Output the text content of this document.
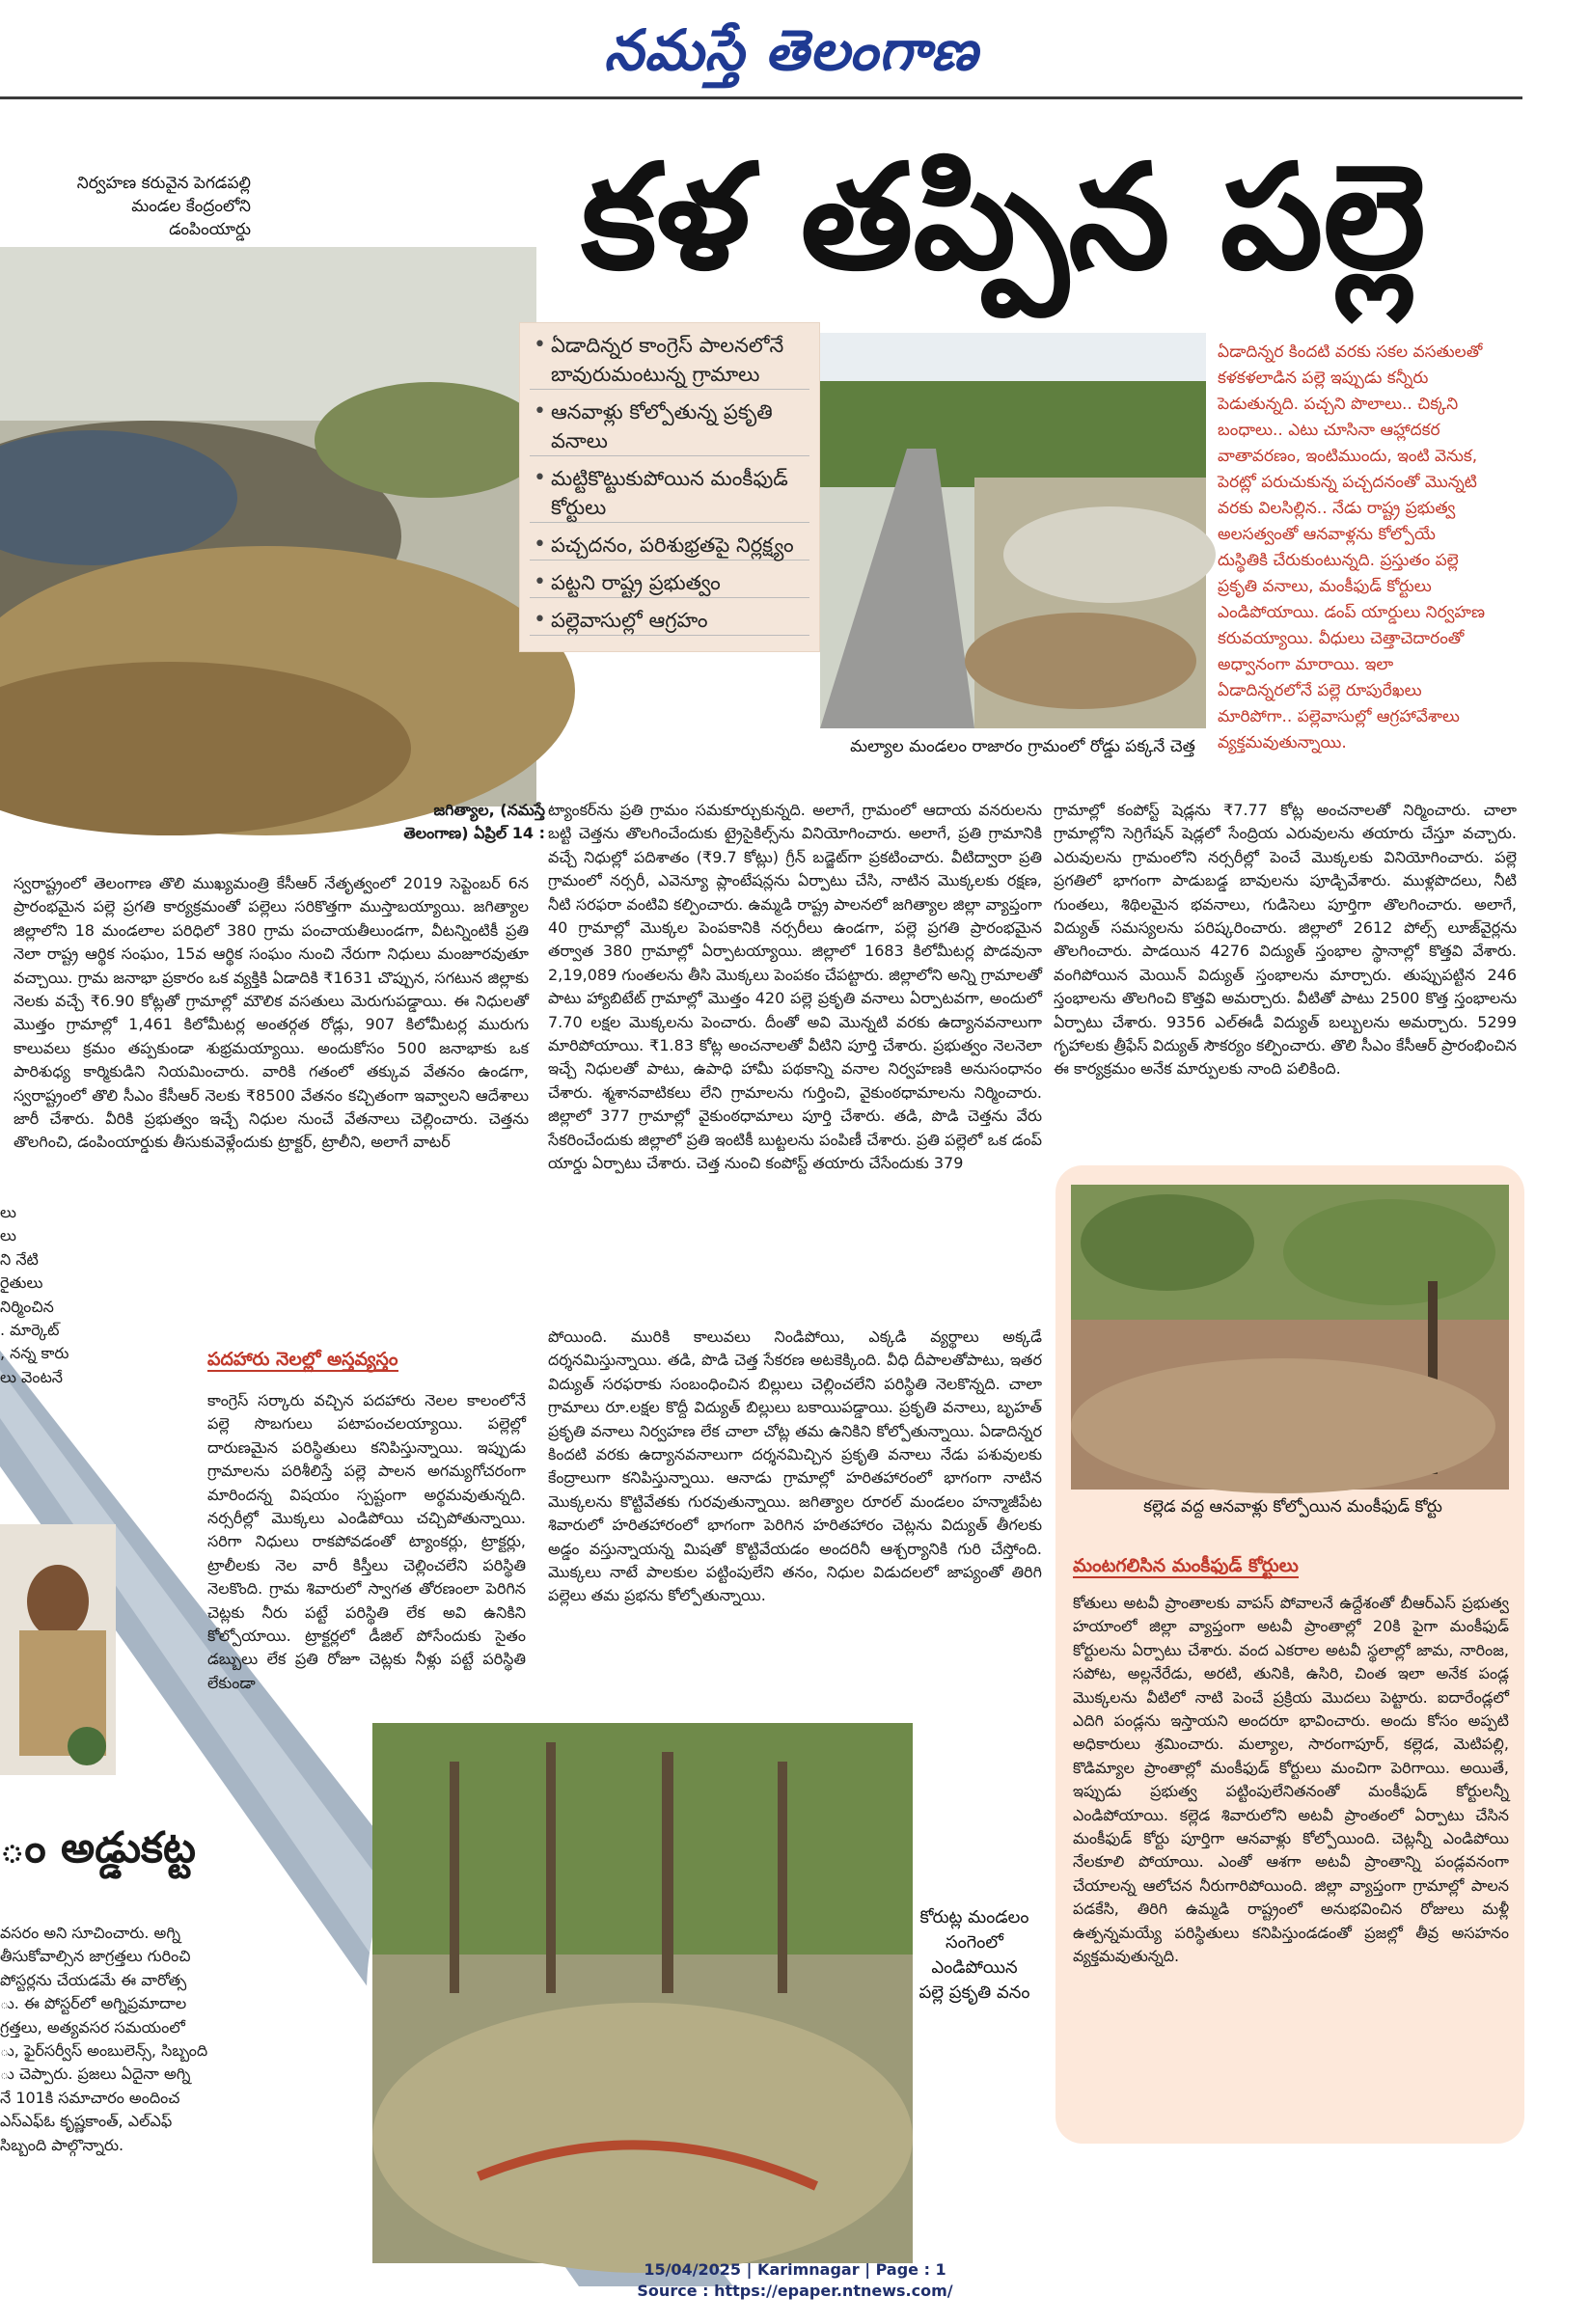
నమస్తే తెలంగాణ
కళ తప్పిన పల్లె
నిర్వహణ కరువైన పెగడపల్లి మండల కేంద్రంలోని డంపింయార్డు
• ఏడాదిన్నర కాంగ్రెస్ పాలనలోనే బావురుమంటున్న గ్రామాలు
• ఆనవాళ్లు కోల్పోతున్న ప్రకృతి వనాలు
• మట్టికొట్టుకుపోయిన మంకీఫుడ్ కోర్టులు
• పచ్చదనం, పరిశుభ్రతపై నిర్లక్ష్యం
• పట్టని రాష్ట్ర ప్రభుత్వం
• పల్లెవాసుల్లో ఆగ్రహం
మల్యాల మండలం రాజారం గ్రామంలో రోడ్డు పక్కనే చెత్త
ఏడాదిన్నర కిందటి వరకు సకల వసతులతో కళకళలాడిన పల్లె ఇప్పుడు కన్నీరు పెడుతున్నది. పచ్చని పొలాలు.. చిక్కని బంధాలు.. ఎటు చూసినా ఆహ్లాదకర వాతావరణం, ఇంటిముందు, ఇంటి వెనుక, పెరట్లో పరుచుకున్న పచ్చదనంతో మొన్నటి వరకు విలసిల్లిన.. నేడు రాష్ట్ర ప్రభుత్వ అలసత్వంతో ఆనవాళ్లను కోల్పోయే దుస్థితికి చేరుకుంటున్నది. ప్రస్తుతం పల్లె ప్రకృతి వనాలు, మంకీఫుడ్ కోర్టులు ఎండిపోయాయి. డంప్ యార్డులు నిర్వహణ కరువయ్యాయి. వీధులు చెత్తాచెదారంతో అధ్వానంగా మారాయి. ఇలా ఏడాదిన్నరలోనే పల్లె రూపురేఖలు మారిపోగా.. పల్లెవాసుల్లో ఆగ్రహావేశాలు వ్యక్తమవుతున్నాయి.
జగిత్యాల, (నమస్తే తెలంగాణ) ఏప్రిల్ 14 :

స్వరాష్ట్రంలో తెలంగాణ తొలి ముఖ్యమంత్రి కేసీఆర్ నేతృత్వంలో 2019 సెప్టెంబర్ 6న ప్రారంభమైన పల్లె ప్రగతి కార్యక్రమంతో పల్లెలు సరికొత్తగా ముస్తాబయ్యాయి. జగిత్యాల జిల్లాలోని 18 మండలాల పరిధిలో 380 గ్రామ పంచాయతీలుండగా, వీటన్నింటికీ ప్రతి నెలా రాష్ట్ర ఆర్థిక సంఘం, 15వ ఆర్థిక సంఘం నుంచి నేరుగా నిధులు మంజూరవుతూ వచ్చాయి. గ్రామ జనాభా ప్రకారం ఒక వ్యక్తికి ఏడాదికి ₹1631 చొప్పున, సగటున జిల్లాకు నెలకు వచ్చే ₹6.90 కోట్లతో గ్రామాల్లో మౌలిక వసతులు మెరుగుపడ్డాయి. ఈ నిధులతో మొత్తం గ్రామాల్లో 1,461 కిలోమీటర్ల అంతర్గత రోడ్లు, 907 కిలోమీటర్ల మురుగు కాలువలు క్రమం తప్పకుండా శుభ్రమయ్యాయి. అందుకోసం 500 జనాభాకు ఒక పారిశుధ్య కార్మికుడిని నియమించారు. వారికి గతంలో తక్కువ వేతనం ఉండగా, స్వరాష్ట్రంలో తొలి సీఎం కేసీఆర్ నెలకు ₹8500 వేతనం కచ్చితంగా ఇవ్వాలని ఆదేశాలు జారీ చేశారు. వీరికి ప్రభుత్వం ఇచ్చే నిధుల నుంచే వేతనాలు చెల్లించారు. చెత్తను తొలగించి, డంపింయార్డుకు తీసుకువెళ్లేందుకు ట్రాక్టర్, ట్రాలీని, అలాగే వాటర్

ట్యాంకర్‌ను ప్రతి గ్రామం సమకూర్చుకున్నది. అలాగే, గ్రామంలో ఆదాయ వనరులను బట్టి చెత్తను తొలగించేందుకు ట్రైసైకిల్స్‌ను వినియోగించారు. అలాగే, ప్రతి గ్రామానికి వచ్చే నిధుల్లో పదిశాతం (₹9.7 కోట్లు) గ్రీన్ బడ్జెట్‌గా ప్రకటించారు. వీటిద్వారా ప్రతి గ్రామంలో నర్సరీ, ఎవెన్యూ ప్లాంటేషన్లను ఏర్పాటు చేసి, నాటిన మొక్కలకు రక్షణ, నీటి సరఫరా వంటివి కల్పించారు. ఉమ్మడి రాష్ట్ర పాలనలో జగిత్యాల జిల్లా వ్యాప్తంగా 40 గ్రామాల్లో మొక్కల పెంపకానికి నర్సరీలు ఉండగా, పల్లె ప్రగతి ప్రారంభమైన తర్వాత 380 గ్రామాల్లో ఏర్పాటయ్యాయి. జిల్లాలో 1683 కిలోమీటర్ల పొడవునా 2,19,089 గుంతలను తీసి మొక్కలు పెంపకం చేపట్టారు. జిల్లాలోని అన్ని గ్రామాలతో పాటు హ్యాబిటేట్ గ్రామాల్లో మొత్తం 420 పల్లె ప్రకృతి వనాలు ఏర్పాటవగా, అందులో 7.70 లక్షల మొక్కలను పెంచారు. దీంతో అవి మొన్నటి వరకు ఉద్యానవనాలుగా మారిపోయాయి. ₹1.83 కోట్ల అంచనాలతో వీటిని పూర్తి చేశారు. ప్రభుత్వం నెలనెలా ఇచ్చే నిధులతో పాటు, ఉపాధి హామీ పథకాన్ని వనాల నిర్వహణకి అనుసంధానం చేశారు. శ్మశానవాటికలు లేని గ్రామాలను గుర్తించి, వైకుంఠధామాలను నిర్మించారు. జిల్లాలో 377 గ్రామాల్లో వైకుంఠధామాలు పూర్తి చేశారు. తడి, పొడి చెత్తను వేరు సేకరించేందుకు జిల్లాలో ప్రతి ఇంటికీ బుట్టలను పంపిణీ చేశారు. ప్రతి పల్లెలో ఒక డంప్ యార్డు ఏర్పాటు చేశారు. చెత్త నుంచి కంపోస్ట్ తయారు చేసేందుకు 379

గ్రామాల్లో కంపోస్ట్ షెడ్లను ₹7.77 కోట్ల అంచనాలతో నిర్మించారు. చాలా గ్రామాల్లోని సెగ్రిగేషన్ షెడ్లలో సేంద్రియ ఎరువులను తయారు చేస్తూ వచ్చారు. ఎరువులను గ్రామంలోని నర్సరీల్లో పెంచే మొక్కలకు వినియోగించారు. పల్లె ప్రగతిలో భాగంగా పాడుబడ్డ బావులను పూడ్చివేశారు. ముళ్లపొదలు, నీటి గుంతలు, శిథిలమైన భవనాలు, గుడిసెలు పూర్తిగా తొలగించారు. అలాగే, విద్యుత్ సమస్యలను పరిష్కరించారు. జిల్లాలో 2612 పోల్స్ లూజ్‌వైర్లను తొలగించారు. పాడయిన 4276 విద్యుత్ స్తంభాల స్థానాల్లో కొత్తవి వేశారు. వంగిపోయిన మెయిన్ విద్యుత్ స్తంభాలను మార్చారు. తుప్పుపట్టిన 246 స్తంభాలను తొలగించి కొత్తవి అమర్చారు. వీటితో పాటు 2500 కొత్త స్తంభాలను ఏర్పాటు చేశారు. 9356 ఎల్ఈడీ విద్యుత్ బల్బులను అమర్చారు. 5299 గృహాలకు త్రీఫేస్ విద్యుత్ సౌకర్యం కల్పించారు. తొలి సీఎం కేసీఆర్ ప్రారంభించిన ఈ కార్యక్రమం అనేక మార్పులకు నాంది పలికింది.

లు
లు
ని నేటి
రైతులు
నిర్మించిన
. మార్కెట్
, నన్న కారు
లు వెంటనే
ం అడ్డుకట్ట
వసరం అని సూచించారు. అగ్ని
తీసుకోవాల్సిన జాగ్రత్తలు గురించి
పోస్టర్లను చేయడమే ఈ వారోత్స
ు. ఈ పోస్టర్‌లో అగ్నిప్రమాదాల
గ్రత్తలు, అత్యవసర సమయంలో
ు, ఫైర్‌సర్వీస్ అంబులెన్స్, సిబ్బంది
ు చెప్పారు. ప్రజలు ఏదైనా అగ్ని
నే 101కి సమాచారం అందించ
ఎస్ఎఫ్ఓ కృష్ణకాంత్, ఎల్ఎఫ్
సిబ్బంది పాల్గొన్నారు.
పదహారు నెలల్లో అస్తవ్యస్తం

కాంగ్రెస్ సర్కారు వచ్చిన పదహారు నెలల కాలంలోనే పల్లె సొబగులు పటాపంచలయ్యాయి. పల్లెల్లో దారుణమైన పరిస్థితులు కనిపిస్తున్నాయి. ఇప్పుడు గ్రామాలను పరిశీలిస్తే పల్లె పాలన అగమ్యగోచరంగా మారిందన్న విషయం స్పష్టంగా అర్థమవుతున్నది. నర్సరీల్లో మొక్కలు ఎండిపోయి చచ్చిపోతున్నాయి. సరిగా నిధులు రాకపోవడంతో ట్యాంకర్లు, ట్రాక్టర్లు, ట్రాలీలకు నెల వారీ కిస్తీలు చెల్లించలేని పరిస్థితి నెలకొంది. గ్రామ శివారులో స్వాగత తోరణంలా పెరిగిన చెట్లకు నీరు పట్టే పరిస్థితి లేక అవి ఉనికిని కోల్పోయాయి. ట్రాక్టర్లలో డీజిల్ పోసేందుకు సైతం డబ్బులు లేక ప్రతి రోజూ చెట్లకు నీళ్లు పట్టే పరిస్థితి లేకుండా

పోయింది. మురికి కాలువలు నిండిపోయి, ఎక్కడి వ్యర్థాలు అక్కడే దర్శనమిస్తున్నాయి. తడి, పొడి చెత్త సేకరణ అటకెక్కింది. వీధి దీపాలతోపాటు, ఇతర విద్యుత్ సరఫరాకు సంబంధించిన బిల్లులు చెల్లించలేని పరిస్థితి నెలకొన్నది. చాలా గ్రామాలు రూ.లక్షల కొద్దీ విద్యుత్ బిల్లులు బకాయిపడ్డాయి. ప్రకృతి వనాలు, బృహత్ ప్రకృతి వనాలు నిర్వహణ లేక చాలా చోట్ల తమ ఉనికిని కోల్పోతున్నాయి. ఏడాదిన్నర కిందటి వరకు ఉద్యానవనాలుగా దర్శనమిచ్చిన ప్రకృతి వనాలు నేడు పశువులకు కేంద్రాలుగా కనిపిస్తున్నాయి. ఆనాడు గ్రామాల్లో హరితహారంలో భాగంగా నాటిన మొక్కలను కొట్టివేతకు గురవుతున్నాయి. జగిత్యాల రూరల్ మండలం హన్మాజీపేట శివారులో హరితహారంలో భాగంగా పెరిగిన హరితహారం చెట్లను విద్యుత్ తీగలకు అడ్డం వస్తున్నాయన్న మిషతో కొట్టివేయడం అందరినీ ఆశ్చర్యానికి గురి చేస్తోంది. మొక్కలు నాటే పాలకుల పట్టింపులేని తనం, నిధుల విడుదలలో జాప్యంతో తిరిగి పల్లెలు తమ ప్రభను కోల్పోతున్నాయి.

కోరుట్ల మండలం సంగెంలో ఎండిపోయిన పల్లె ప్రకృతి వనం
కల్లెడ వద్ద ఆనవాళ్లు కోల్పోయిన మంకీఫుడ్ కోర్టు
మంటగలిసిన మంకీఫుడ్ కోర్టులు

కోతులు అటవీ ప్రాంతాలకు వాపస్ పోవాలనే ఉద్దేశంతో బీఆర్ఎస్ ప్రభుత్వ హయాంలో జిల్లా వ్యాప్తంగా అటవీ ప్రాంతాల్లో 20కి పైగా మంకీఫుడ్ కోర్టులను ఏర్పాటు చేశారు. వంద ఎకరాల అటవీ స్థలాల్లో జామ, నారింజ, సపోట, అల్లనేరేడు, అరటి, తునికి, ఉసిరి, చింత ఇలా అనేక పండ్ల మొక్కలను వీటిలో నాటి పెంచే ప్రక్రియ మొదలు పెట్టారు. ఐదారేండ్లలో ఎదిగి పండ్లను ఇస్తాయని అందరూ భావించారు. అందు కోసం అప్పటి అధికారులు శ్రమించారు. మల్యాల, సారంగాపూర్, కల్లెడ, మెటిపల్లి, కొడిమ్యాల ప్రాంతాల్లో మంకీఫుడ్ కోర్టులు మంచిగా పెరిగాయి. అయితే, ఇప్పుడు ప్రభుత్వ పట్టింపులేనితనంతో మంకీఫుడ్ కోర్టులన్నీ ఎండిపోయాయి. కల్లెడ శివారులోని అటవీ ప్రాంతంలో ఏర్పాటు చేసిన మంకీఫుడ్ కోర్టు పూర్తిగా ఆనవాళ్లు కోల్పోయింది. చెట్లన్నీ ఎండిపోయి నేలకూలి పోయాయి. ఎంతో ఆశగా అటవీ ప్రాంతాన్ని పండ్లవనంగా చేయాలన్న ఆలోచన నీరుగారిపోయింది. జిల్లా వ్యాప్తంగా గ్రామాల్లో పాలన పడకేసి, తిరిగి ఉమ్మడి రాష్ట్రంలో అనుభవించిన రోజులు మళ్లీ ఉత్పన్నమయ్యే పరిస్థితులు కనిపిస్తుండడంతో ప్రజల్లో తీవ్ర అసహనం వ్యక్తమవుతున్నది.

15/04/2025 | Karimnagar | Page : 1
Source : https://epaper.ntnews.com/
